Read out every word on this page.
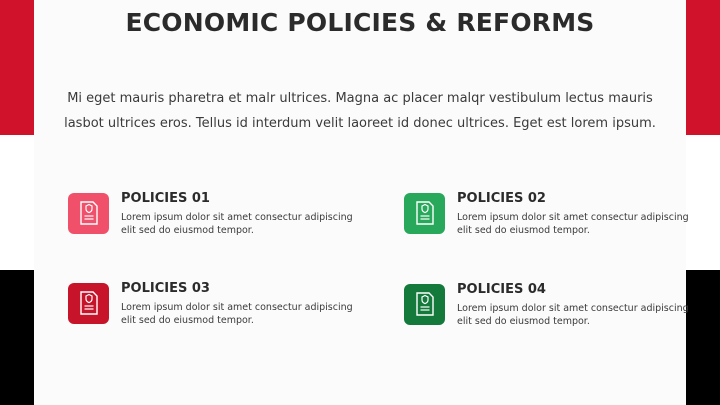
ECONOMIC POLICIES & REFORMS

Mi eget mauris pharetra et malr ultrices. Magna ac placer malqr vestibulum lectus mauris lasbot ultrices eros. Tellus id interdum velit laoreet id donec ultrices. Eget est lorem ipsum.

POLICIES 01
Lorem ipsum dolor sit amet consectur adipiscing elit sed do eiusmod tempor.
POLICIES 02
Lorem ipsum dolor sit amet consectur adipiscing elit sed do eiusmod tempor.
POLICIES 03
Lorem ipsum dolor sit amet consectur adipiscing elit sed do eiusmod tempor.
POLICIES 04
Lorem ipsum dolor sit amet consectur adipiscing elit sed do eiusmod tempor.
